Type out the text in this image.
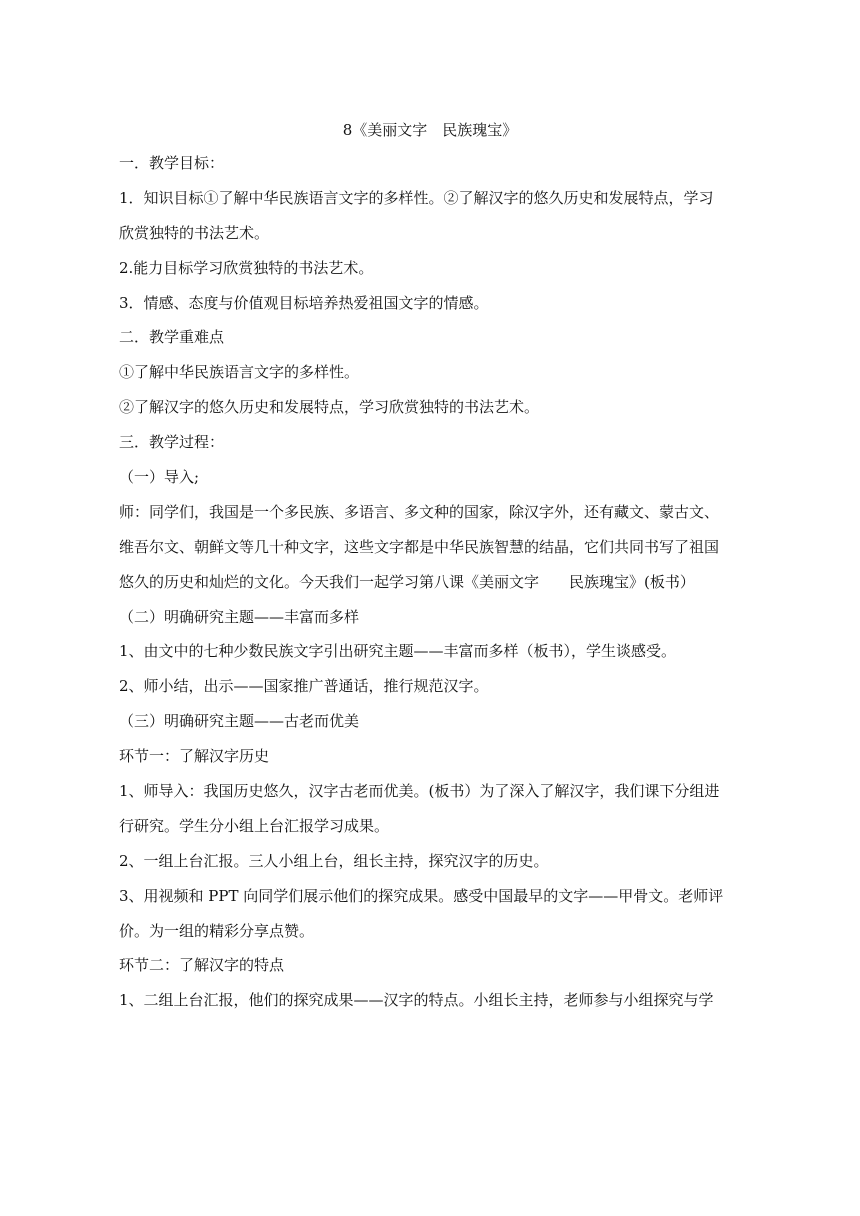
8《美丽文字　民族瑰宝》
一．教学目标：
1．知识目标①了解中华民族语言文字的多样性。②了解汉字的悠久历史和发展特点，学习
欣赏独特的书法艺术。
2.能力目标学习欣赏独特的书法艺术。
3．情感、态度与价值观目标培养热爱祖国文字的情感。
二．教学重难点
①了解中华民族语言文字的多样性。
②了解汉字的悠久历史和发展特点，学习欣赏独特的书法艺术。
三．教学过程：
（一）导入;
师：同学们，我国是一个多民族、多语言、多文种的国家，除汉字外，还有藏文、蒙古文、
维吾尔文、朝鲜文等几十种文字，这些文字都是中华民族智慧的结晶，它们共同书写了祖国
悠久的历史和灿烂的文化。今天我们一起学习第八课《美丽文字　　民族瑰宝》(板书）
（二）明确研究主题——丰富而多样
1、由文中的七种少数民族文字引出研究主题——丰富而多样（板书），学生谈感受。
2、师小结，出示——国家推广普通话，推行规范汉字。
（三）明确研究主题——古老而优美
环节一：了解汉字历史
1、师导入：我国历史悠久，汉字古老而优美。(板书）为了深入了解汉字，我们课下分组进
行研究。学生分小组上台汇报学习成果。
2、一组上台汇报。三人小组上台，组长主持，探究汉字的历史。
3、用视频和 PPT 向同学们展示他们的探究成果。感受中国最早的文字——甲骨文。老师评
价。为一组的精彩分享点赞。
环节二：了解汉字的特点
1、二组上台汇报，他们的探究成果——汉字的特点。小组长主持，老师参与小组探究与学
